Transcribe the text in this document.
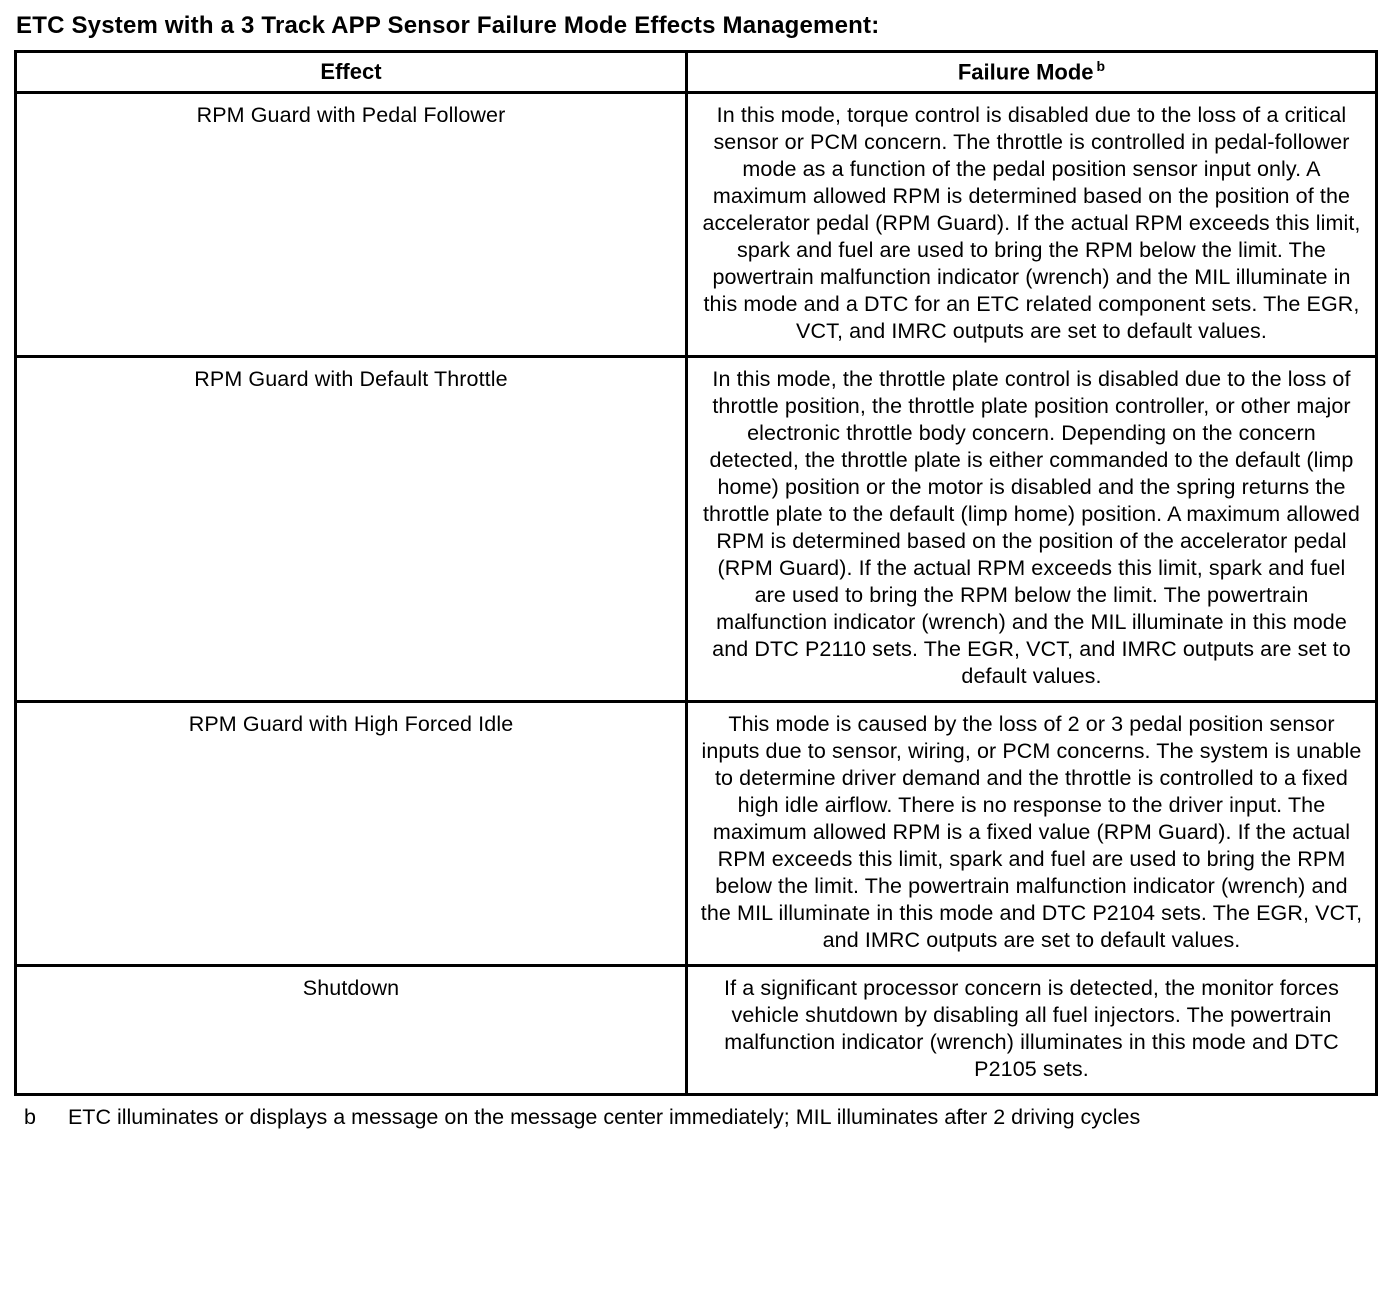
ETC System with a 3 Track APP Sensor Failure Mode Effects Management:
Effect	Failure Mode $^b$
RPM Guard with Pedal Follower	In this mode, torque control is disabled due to the loss of a critical sensor or PCM concern. The throttle is controlled in pedal-follower mode as a function of the pedal position sensor input only. A maximum allowed RPM is determined based on the position of the accelerator pedal (RPM Guard). If the actual RPM exceeds this limit, spark and fuel are used to bring the RPM below the limit. The powertrain malfunction indicator (wrench) and the MIL illuminate in this mode and a DTC for an ETC related component sets. The EGR, VCT, and IMRC outputs are set to default values.
RPM Guard with Default Throttle	In this mode, the throttle plate control is disabled due to the loss of throttle position, the throttle plate position controller, or other major electronic throttle body concern. Depending on the concern detected, the throttle plate is either commanded to the default (limp home) position or the motor is disabled and the spring returns the throttle plate to the default (limp home) position. A maximum allowed RPM is determined based on the position of the accelerator pedal (RPM Guard). If the actual RPM exceeds this limit, spark and fuel are used to bring the RPM below the limit. The powertrain malfunction indicator (wrench) and the MIL illuminate in this mode and DTC P2110 sets. The EGR, VCT, and IMRC outputs are set to default values.
RPM Guard with High Forced Idle	This mode is caused by the loss of 2 or 3 pedal position sensor inputs due to sensor, wiring, or PCM concerns. The system is unable to determine driver demand and the throttle is controlled to a fixed high idle airflow. There is no response to the driver input. The maximum allowed RPM is a fixed value (RPM Guard). If the actual RPM exceeds this limit, spark and fuel are used to bring the RPM below the limit. The powertrain malfunction indicator (wrench) and the MIL illuminate in this mode and DTC P2104 sets. The EGR, VCT, and IMRC outputs are set to default values.
Shutdown	If a significant processor concern is detected, the monitor forces vehicle shutdown by disabling all fuel injectors. The powertrain malfunction indicator (wrench) illuminates in this mode and DTC P2105 sets.
b ETC illuminates or displays a message on the message center immediately; MIL illuminates after 2 driving cycles
